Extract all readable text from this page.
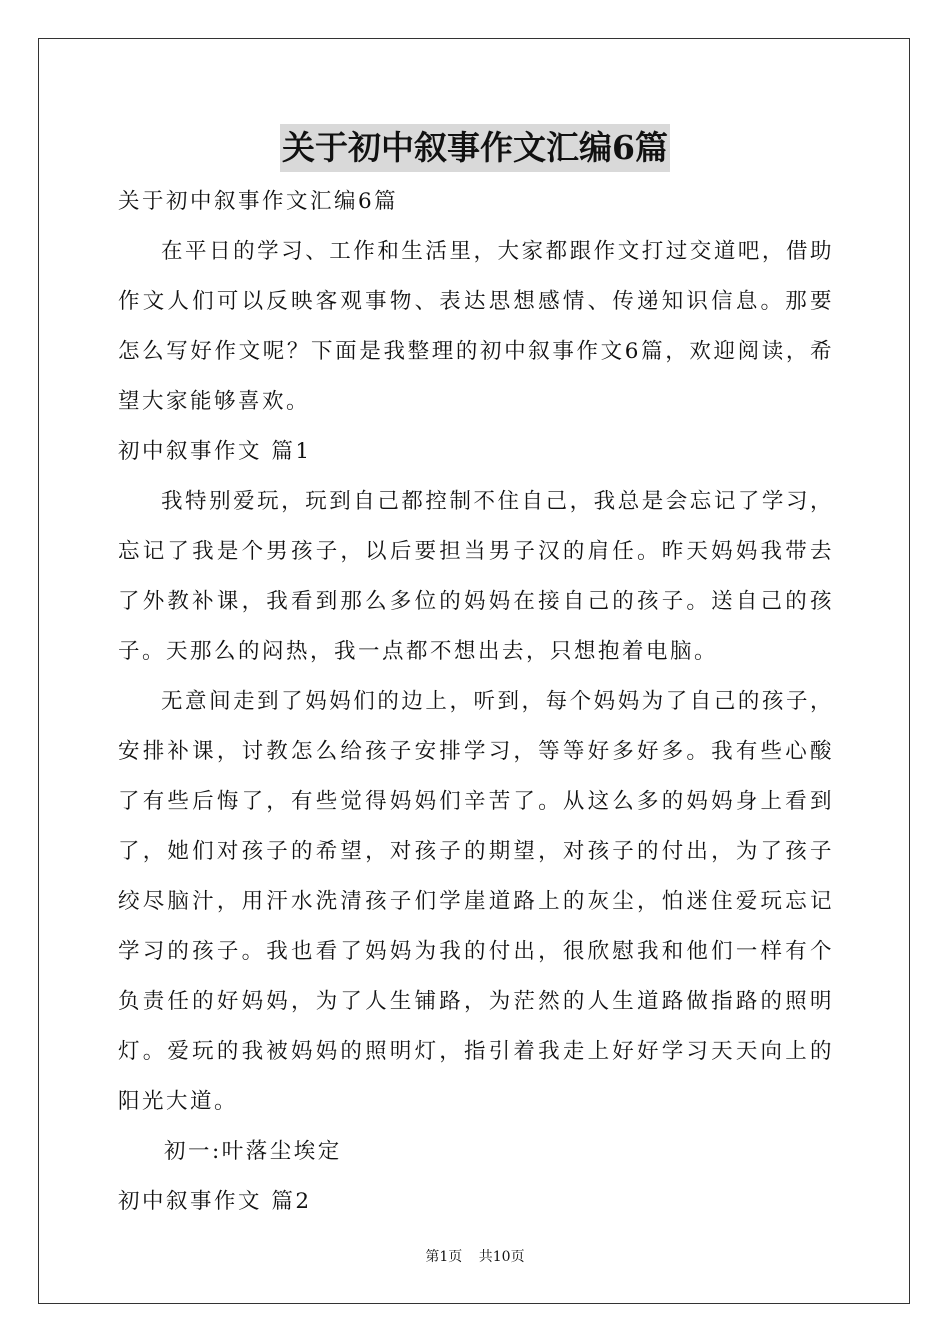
关于初中叙事作文汇编6篇
关于初中叙事作文汇编6篇
在平日的学习、工作和生活里，大家都跟作文打过交道吧，借助作文人们可以反映客观事物、表达思想感情、传递知识信息。那要怎么写好作文呢？下面是我整理的初中叙事作文6篇，欢迎阅读，希望大家能够喜欢。
初中叙事作文 篇1
我特别爱玩，玩到自己都控制不住自己，我总是会忘记了学习，忘记了我是个男孩子，以后要担当男子汉的肩任。昨天妈妈我带去了外教补课，我看到那么多位的妈妈在接自己的孩子。送自己的孩子。天那么的闷热，我一点都不想出去，只想抱着电脑。
无意间走到了妈妈们的边上，听到，每个妈妈为了自己的孩子，安排补课，讨教怎么给孩子安排学习，等等好多好多。我有些心酸了有些后悔了，有些觉得妈妈们辛苦了。从这么多的妈妈身上看到了，她们对孩子的希望，对孩子的期望，对孩子的付出，为了孩子绞尽脑汁，用汗水洗清孩子们学崖道路上的灰尘，怕迷住爱玩忘记学习的孩子。我也看了妈妈为我的付出，很欣慰我和他们一样有个负责任的好妈妈，为了人生铺路，为茫然的人生道路做指路的照明灯。爱玩的我被妈妈的照明灯，指引着我走上好好学习天天向上的阳光大道。
初一:叶落尘埃定
初中叙事作文 篇2
第1页 共10页
